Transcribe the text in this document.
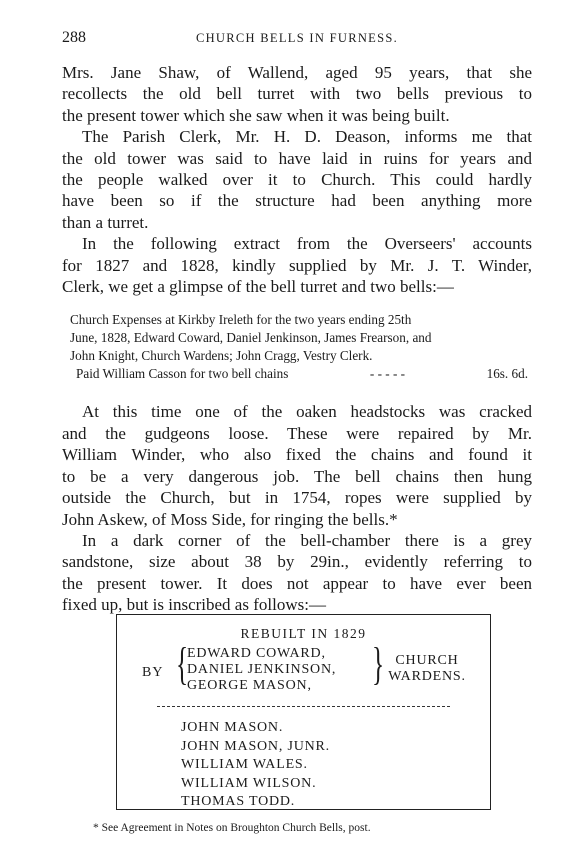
288	CHURCH BELLS IN FURNESS.

Mrs. Jane Shaw, of Wallend, aged 95 years, that she
recollects the old bell turret with two bells previous to
the present tower which she saw when it was being built.

The Parish Clerk, Mr. H. D. Deason, informs me that
the old tower was said to have laid in ruins for years and
the people walked over it to Church. This could hardly
have been so if the structure had been anything more
than a turret.

In the following extract from the Overseers' accounts
for 1827 and 1828, kindly supplied by Mr. J. T. Winder,
Clerk, we get a glimpse of the bell turret and two bells:—

Church Expenses at Kirkby Ireleth for the two years ending 25th
June, 1828, Edward Coward, Daniel Jenkinson, James Frearson, and
John Knight, Church Wardens; John Cragg, Vestry Clerk.
Paid William Casson for two bell chains	- - - - -	16s. 6d.

At this time one of the oaken headstocks was cracked
and the gudgeons loose. These were repaired by Mr.
William Winder, who also fixed the chains and found it
to be a very dangerous job. The bell chains then hung
outside the Church, but in 1754, ropes were supplied by
John Askew, of Moss Side, for ringing the bells.*

In a dark corner of the bell-chamber there is a grey
sandstone, size about 38 by 29in., evidently referring to
the present tower. It does not appear to have ever been
fixed up, but is inscribed as follows:—

REBUILT IN 1829
BY {
EDWARD COWARD,
DANIEL JENKINSON,
GEORGE MASON,	} CHURCH
WARDENS.
JOHN MASON.
JOHN MASON, JUNR.
WILLIAM WALES.
WILLIAM WILSON.
THOMAS TODD.
* See Agreement in Notes on Broughton Church Bells, post.
